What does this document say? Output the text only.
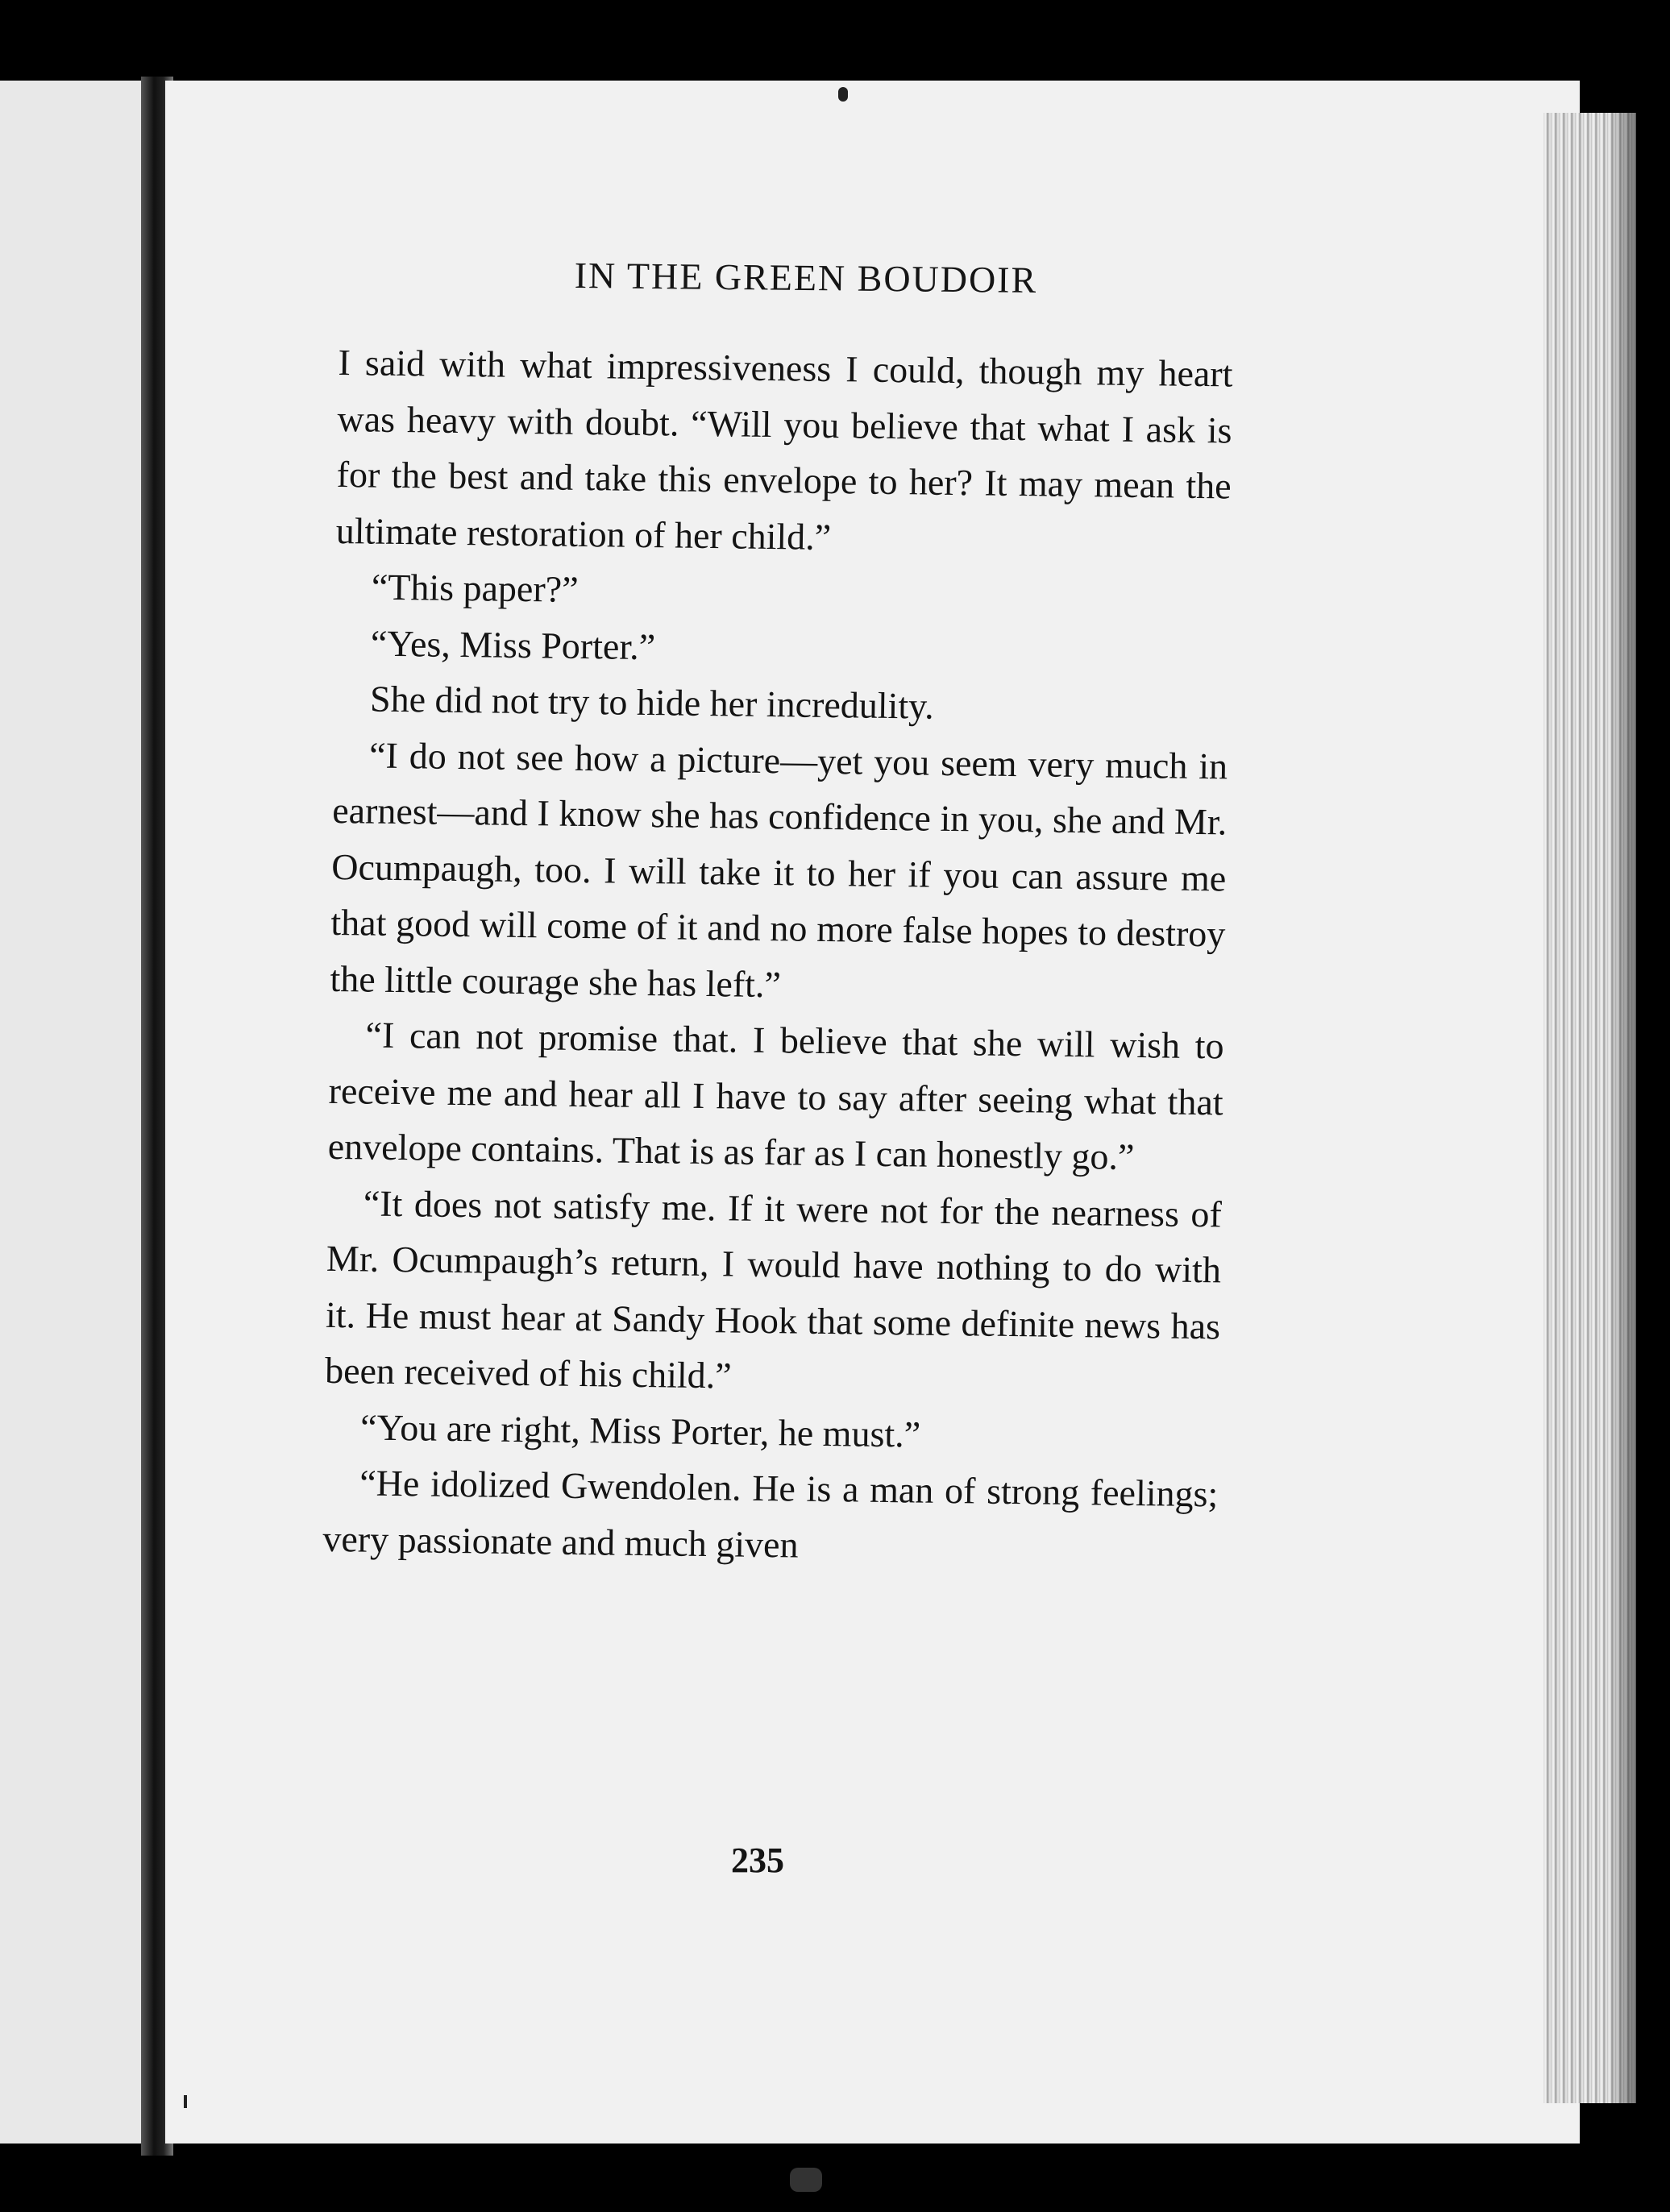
IN THE GREEN BOUDOIR

I said with what impressiveness I could, though my heart was heavy with doubt. “Will you believe that what I ask is for the best and take this envelope to her? It may mean the ultimate restoration of her child.”

“This paper?”

“Yes, Miss Porter.”

She did not try to hide her incredulity.

“I do not see how a picture—yet you seem very much in earnest—and I know she has confidence in you, she and Mr. Ocumpaugh, too. I will take it to her if you can assure me that good will come of it and no more false hopes to destroy the little courage she has left.”

“I can not promise that. I believe that she will wish to receive me and hear all I have to say after seeing what that envelope contains. That is as far as I can honestly go.”

“It does not satisfy me. If it were not for the nearness of Mr. Ocumpaugh’s return, I would have nothing to do with it. He must hear at Sandy Hook that some definite news has been received of his child.”

“You are right, Miss Porter, he must.”

“He idolized Gwendolen. He is a man of strong feelings; very passionate and much given

235
